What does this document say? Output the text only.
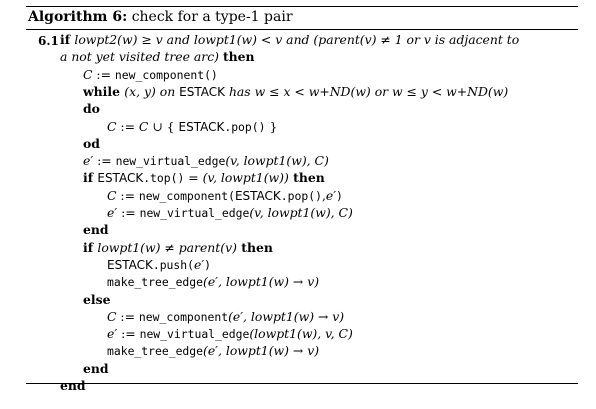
Algorithm 6: check for a type-1 pair
6.1 if lowpt2(w) ≥ v and lowpt1(w) < v and (parent(v) ≠ 1 or v is adjacent to
a not yet visited tree arc) then
C := new_component()
while (x, y) on ESTACK has w ≤ x < w+ND(w) or w ≤ y < w+ND(w)
do
C := C ∪ { ESTACK.pop() }
od
e′ := new_virtual_edge(v, lowpt1(w), C)
if ESTACK.top() = (v, lowpt1(w)) then
C := new_component(ESTACK.pop(),e′)
e′ := new_virtual_edge(v, lowpt1(w), C)
end
if lowpt1(w) ≠ parent(v) then
ESTACK.push(e′)
make_tree_edge(e′, lowpt1(w) → v)
else
C := new_component(e′, lowpt1(w) → v)
e′ := new_virtual_edge(lowpt1(w), v, C)
make_tree_edge(e′, lowpt1(w) → v)
end
end
